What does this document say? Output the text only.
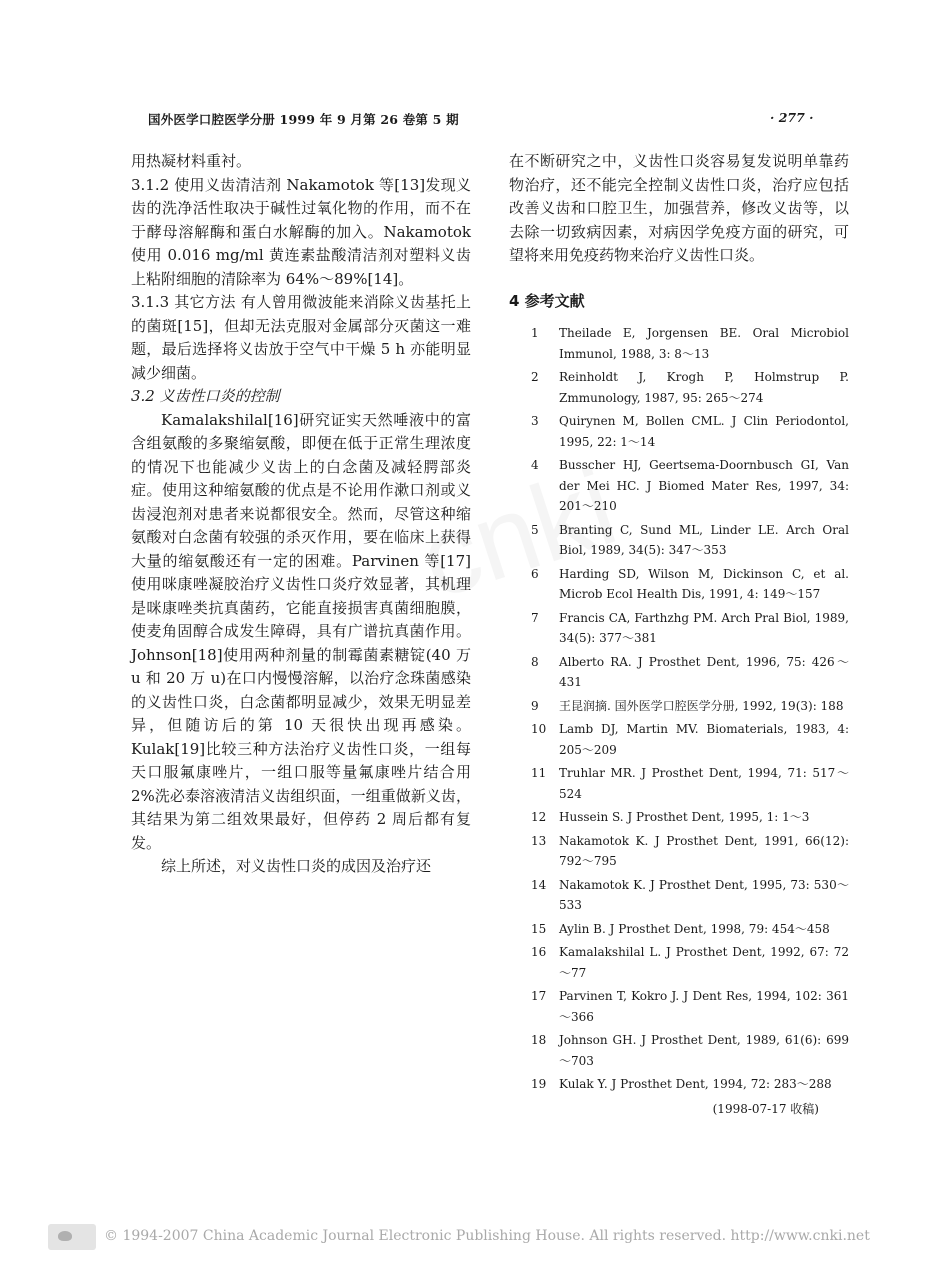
国外医学口腔医学分册 1999 年 9 月第 26 卷第 5 期	· 277 ·

用热凝材料重衬。

3.1.2 使用义齿清洁剂 Nakamotok 等[13]发现义齿的洗净活性取决于碱性过氧化物的作用，而不在于酵母溶解酶和蛋白水解酶的加入。Nakamotok 使用 0.016 mg/ml 黄连素盐酸清洁剂对塑料义齿上粘附细胞的清除率为 64%～89%[14]。

3.1.3 其它方法 有人曾用微波能来消除义齿基托上的菌斑[15]，但却无法克服对金属部分灭菌这一难题，最后选择将义齿放于空气中干燥 5 h 亦能明显减少细菌。

3.2 义齿性口炎的控制

Kamalakshilal[16]研究证实天然唾液中的富含组氨酸的多聚缩氨酸，即便在低于正常生理浓度的情况下也能减少义齿上的白念菌及减轻腭部炎症。使用这种缩氨酸的优点是不论用作漱口剂或义齿浸泡剂对患者来说都很安全。然而，尽管这种缩氨酸对白念菌有较强的杀灭作用，要在临床上获得大量的缩氨酸还有一定的困难。Parvinen 等[17]使用咪康唑凝胶治疗义齿性口炎疗效显著，其机理是咪康唑类抗真菌药，它能直接损害真菌细胞膜，使麦角固醇合成发生障碍，具有广谱抗真菌作用。Johnson[18]使用两种剂量的制霉菌素糖锭(40 万 u 和 20 万 u)在口内慢慢溶解，以治疗念珠菌感染的义齿性口炎，白念菌都明显减少，效果无明显差异，但随访后的第 10 天很快出现再感染。Kulak[19]比较三种方法治疗义齿性口炎，一组每天口服氟康唑片，一组口服等量氟康唑片结合用 2%洗必泰溶液清洁义齿组织面，一组重做新义齿，其结果为第二组效果最好，但停药 2 周后都有复发。

综上所述，对义齿性口炎的成因及治疗还

在不断研究之中，义齿性口炎容易复发说明单靠药物治疗，还不能完全控制义齿性口炎，治疗应包括改善义齿和口腔卫生，加强营养，修改义齿等，以去除一切致病因素，对病因学免疫方面的研究，可望将来用免疫药物来治疗义齿性口炎。

4 参考文献
1 Theilade E, Jorgensen BE. Oral Microbiol Immunol, 1988, 3: 8～13
2 Reinholdt J, Krogh P, Holmstrup P. Zmmunology, 1987, 95: 265～274
3 Quirynen M, Bollen CML. J Clin Periodontol, 1995, 22: 1～14
4 Busscher HJ, Geertsema-Doornbusch GI, Van der Mei HC. J Biomed Mater Res, 1997, 34: 201～210
5 Branting C, Sund ML, Linder LE. Arch Oral Biol, 1989, 34(5): 347～353
6 Harding SD, Wilson M, Dickinson C, et al. Microb Ecol Health Dis, 1991, 4: 149～157
7 Francis CA, Farthzhg PM. Arch Pral Biol, 1989, 34(5): 377～381
8 Alberto RA. J Prosthet Dent, 1996, 75: 426～431
9 王昆润摘. 国外医学口腔医学分册, 1992, 19(3): 188
10 Lamb DJ, Martin MV. Biomaterials, 1983, 4: 205～209
11 Truhlar MR. J Prosthet Dent, 1994, 71: 517～524
12 Hussein S. J Prosthet Dent, 1995, 1: 1～3
13 Nakamotok K. J Prosthet Dent, 1991, 66(12): 792～795
14 Nakamotok K. J Prosthet Dent, 1995, 73: 530～533
15 Aylin B. J Prosthet Dent, 1998, 79: 454～458
16 Kamalakshilal L. J Prosthet Dent, 1992, 67: 72～77
17 Parvinen T, Kokro J. J Dent Res, 1994, 102: 361～366
18 Johnson GH. J Prosthet Dent, 1989, 61(6): 699～703
19 Kulak Y. J Prosthet Dent, 1994, 72: 283～288
(1998-07-17 收稿)
© 1994-2007 China Academic Journal Electronic Publishing House. All rights reserved. http://www.cnki.net
